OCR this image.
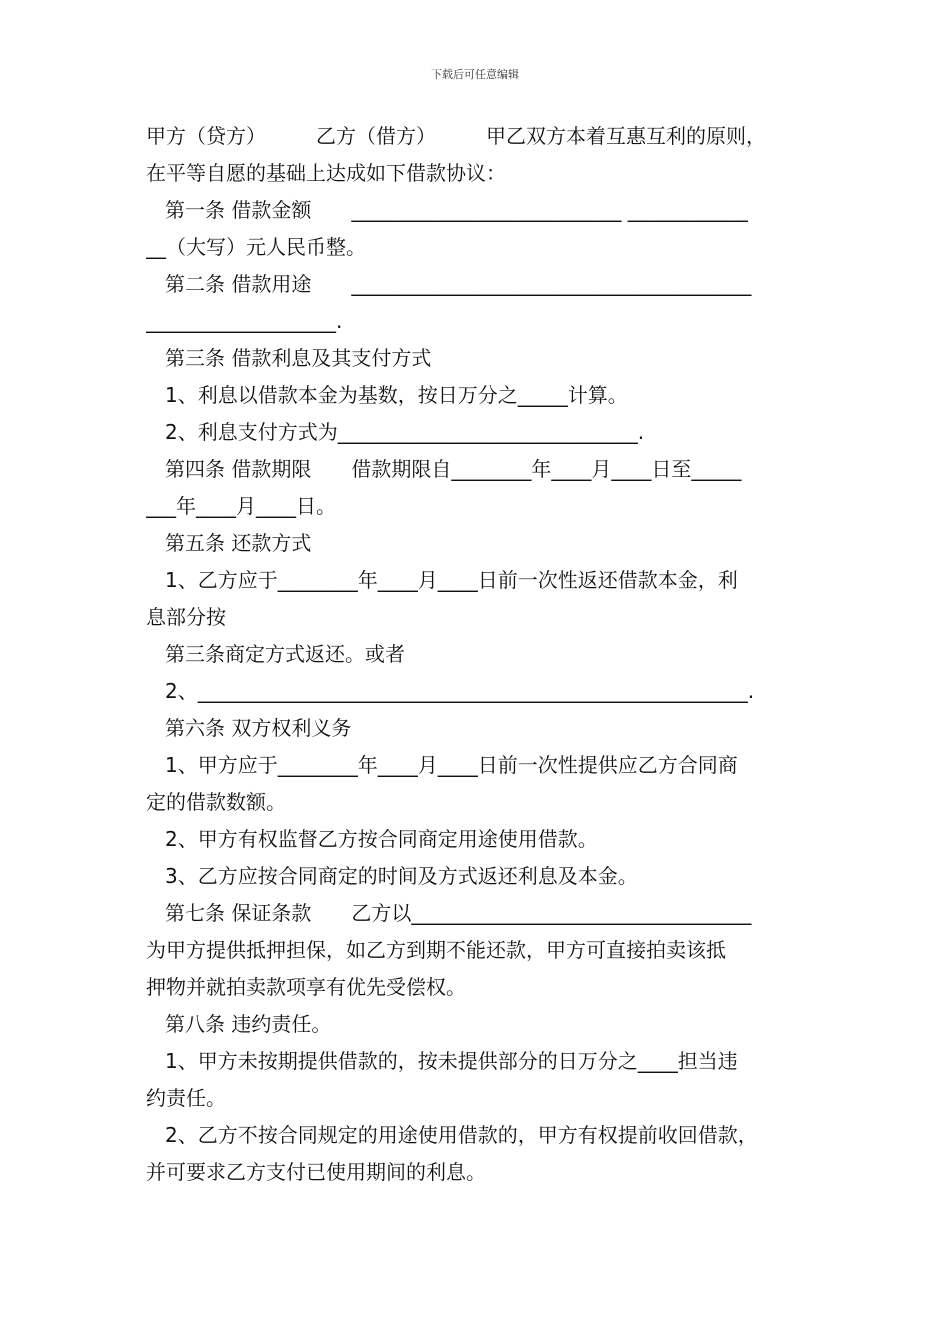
下载后可任意编辑
甲方（贷方）　　　乙方（借方）　　　甲乙双方本着互惠互利的原则，
在平等自愿的基础上达成如下借款协议：
第一条 借款金额　　___________________________ ____________
__（大写）元人民币整。
第二条 借款用途　　________________________________________
___________________.
第三条 借款利息及其支付方式
1、利息以借款本金为基数，按日万分之_____计算。
2、利息支付方式为______________________________.
第四条 借款期限　　借款期限自________年____月____日至_____
___年____月____日。
第五条 还款方式
1、乙方应于________年____月____日前一次性返还借款本金，利
息部分按
第三条商定方式返还。或者
2、_______________________________________________________.
第六条 双方权利义务
1、甲方应于________年____月____日前一次性提供应乙方合同商
定的借款数额。
2、甲方有权监督乙方按合同商定用途使用借款。
3、乙方应按合同商定的时间及方式返还利息及本金。
第七条 保证条款　　乙方以__________________________________
为甲方提供抵押担保，如乙方到期不能还款，甲方可直接拍卖该抵
押物并就拍卖款项享有优先受偿权。
第八条 违约责任。
1、甲方未按期提供借款的，按未提供部分的日万分之____担当违
约责任。
2、乙方不按合同规定的用途使用借款的，甲方有权提前收回借款，
并可要求乙方支付已使用期间的利息。
